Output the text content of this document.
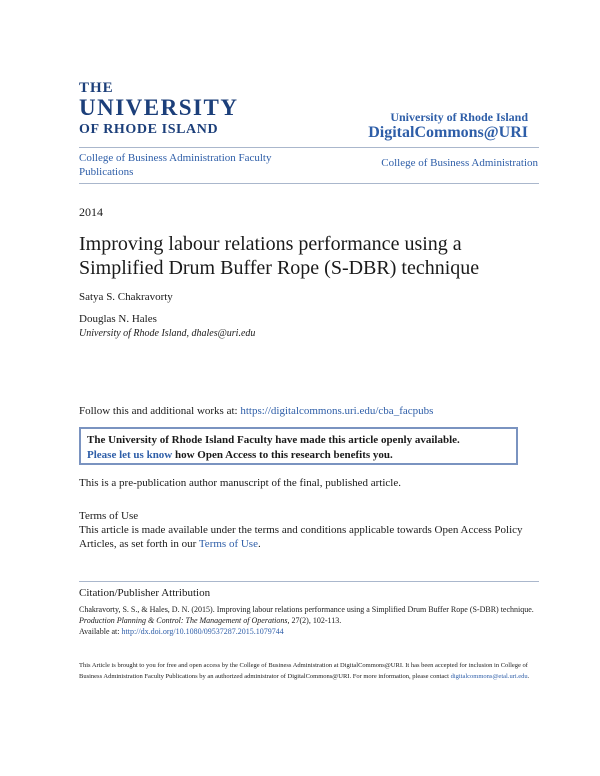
THE
UNIVERSITY
OF RHODE ISLAND
University of Rhode Island
DigitalCommons@URI
College of Business Administration Faculty Publications
College of Business Administration
2014
Improving labour relations performance using a Simplified Drum Buffer Rope (S-DBR) technique
Satya S. Chakravorty
Douglas N. Hales
University of Rhode Island, dhales@uri.edu
Follow this and additional works at: https://digitalcommons.uri.edu/cba_facpubs
The University of Rhode Island Faculty have made this article openly available.
Please let us know how Open Access to this research benefits you.
This is a pre-publication author manuscript of the final, published article.
Terms of Use
This article is made available under the terms and conditions applicable towards Open Access Policy Articles, as set forth in our Terms of Use.
Citation/Publisher Attribution
Chakravorty, S. S., & Hales, D. N. (2015). Improving labour relations performance using a Simplified Drum Buffer Rope (S-DBR) technique. Production Planning & Control: The Management of Operations, 27(2), 102-113.
Available at: http://dx.doi.org/10.1080/09537287.2015.1079744
This Article is brought to you for free and open access by the College of Business Administration at DigitalCommons@URI. It has been accepted for inclusion in College of Business Administration Faculty Publications by an authorized administrator of DigitalCommons@URI. For more information, please contact digitalcommons@etal.uri.edu.
